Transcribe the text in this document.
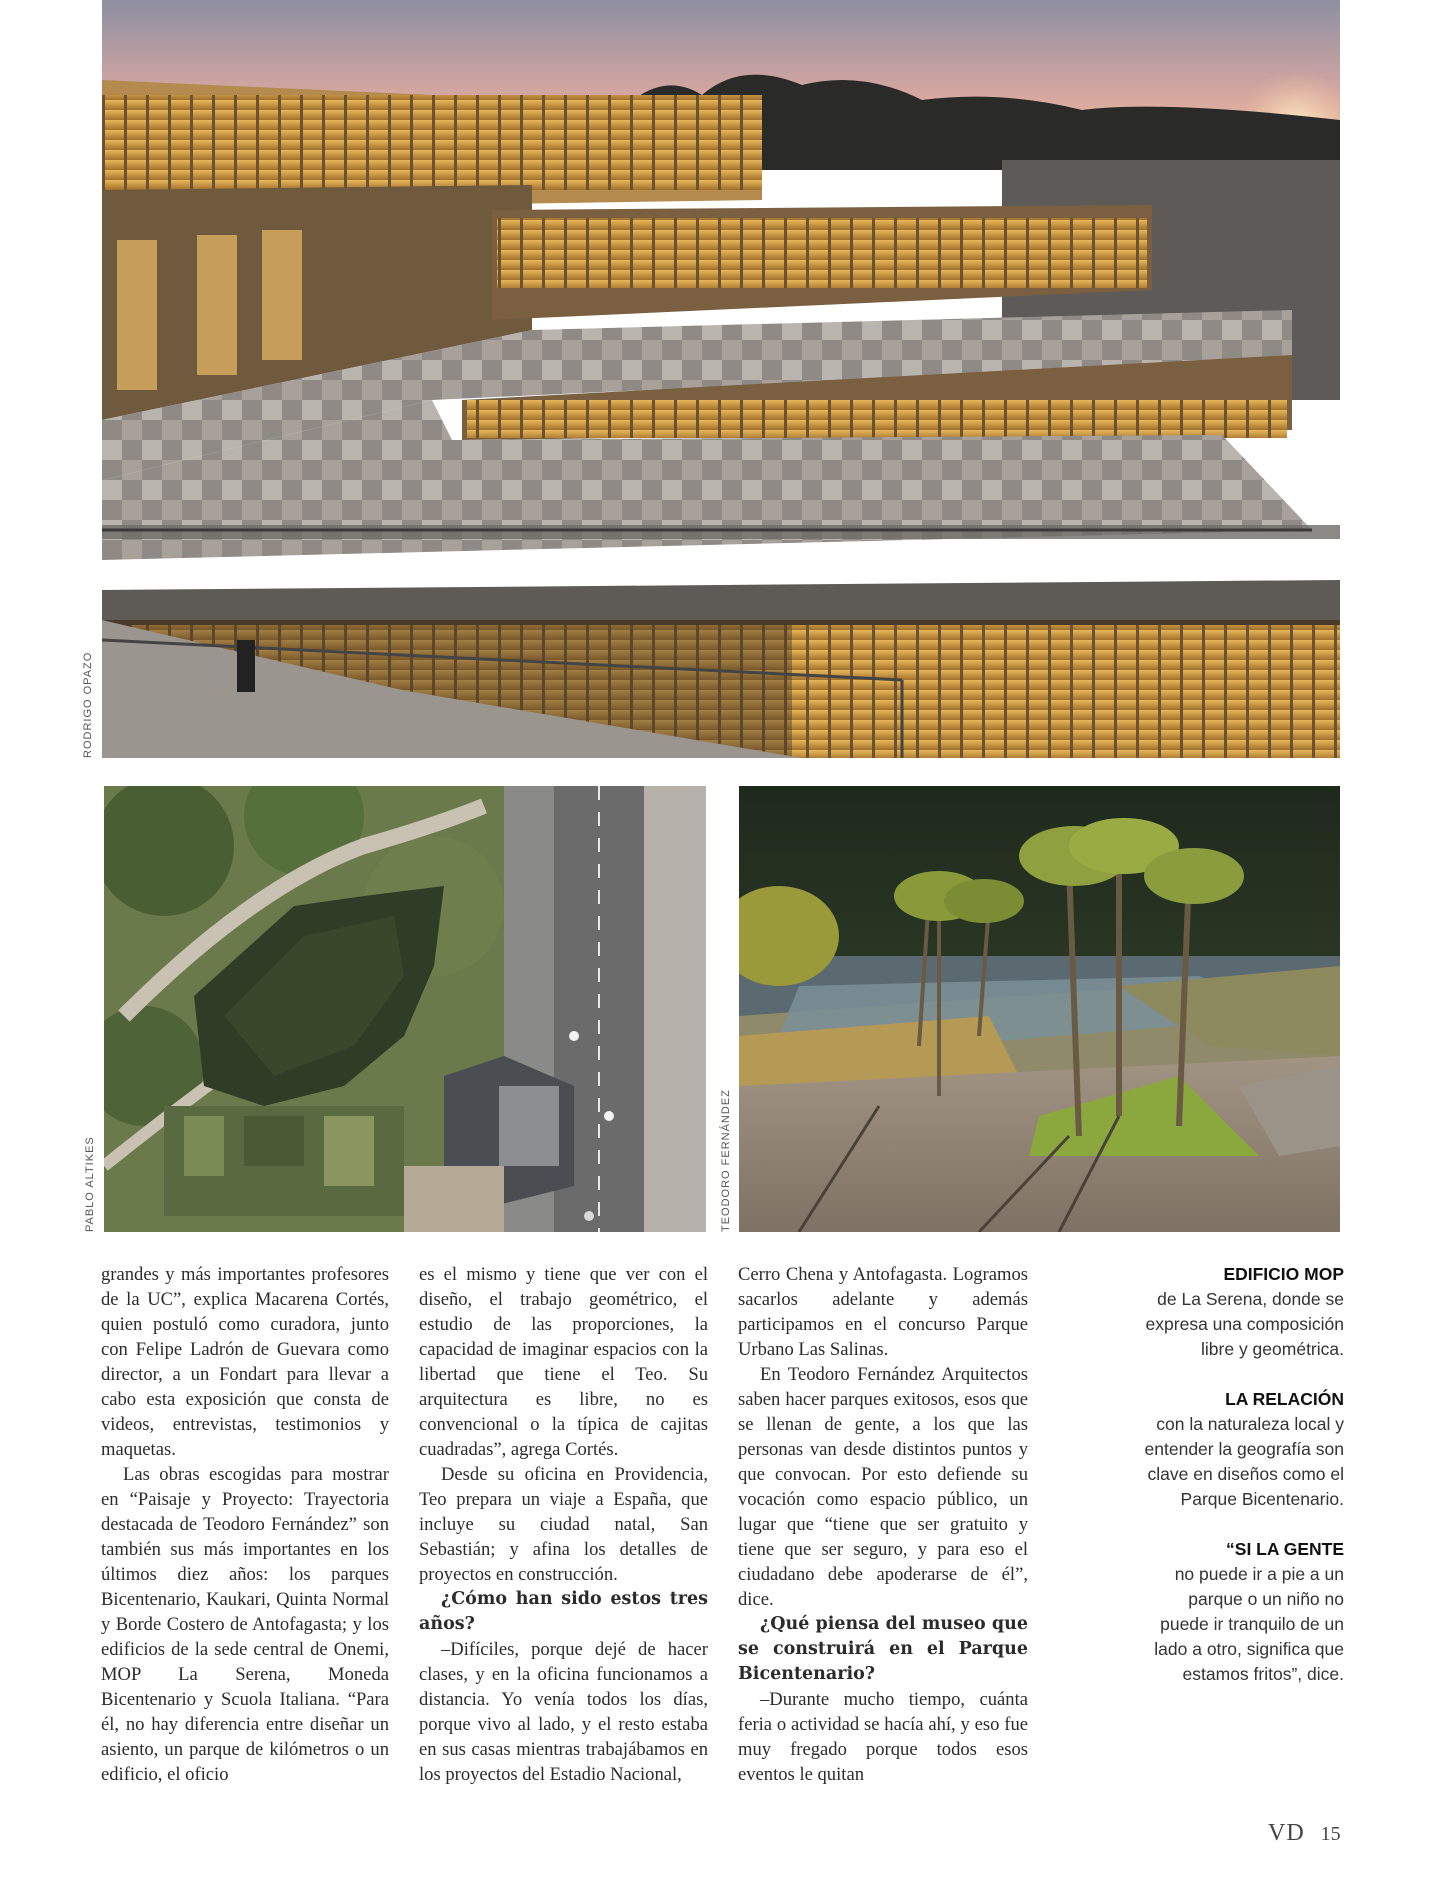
RODRIGO OPAZO
PABLO ALTIKES	TEODORO FERNÁNDEZ

grandes y más importantes profesores de la UC”, explica Macarena Cortés, quien postuló como curadora, junto con Felipe Ladrón de Guevara como director, a un Fondart para llevar a cabo esta exposición que consta de videos, entrevistas, testimonios y maquetas.

Las obras escogidas para mostrar en “Paisaje y Proyecto: Trayectoria destacada de Teodoro Fernández” son también sus más importantes en los últimos diez años: los parques Bicentenario, Kaukari, Quinta Normal y Borde Costero de Antofagasta; y los edificios de la sede central de Onemi, MOP La Serena, Moneda Bicentenario y Scuola Italiana. “Para él, no hay diferencia entre diseñar un asiento, un parque de kilómetros o un edificio, el oficio

es el mismo y tiene que ver con el diseño, el trabajo geométrico, el estudio de las proporciones, la capacidad de imaginar espacios con la libertad que tiene el Teo. Su arquitectura es libre, no es convencional o la típica de cajitas cuadradas”, agrega Cortés.

Desde su oficina en Providencia, Teo prepara un viaje a España, que incluye su ciudad natal, San Sebastián; y afina los detalles de proyectos en construcción.

¿Cómo han sido estos tres años?

–Difíciles, porque dejé de hacer clases, y en la oficina funcionamos a distancia. Yo venía todos los días, porque vivo al lado, y el resto estaba en sus casas mientras trabajábamos en los proyectos del Estadio Nacional,

Cerro Chena y Antofagasta. Logramos sacarlos adelante y además participamos en el concurso Parque Urbano Las Salinas.

En Teodoro Fernández Arquitectos saben hacer parques exitosos, esos que se llenan de gente, a los que las personas van desde distintos puntos y que convocan. Por esto defiende su vocación como espacio público, un lugar que “tiene que ser gratuito y tiene que ser seguro, y para eso el ciudadano debe apoderarse de él”, dice.

¿Qué piensa del museo que se construirá en el Parque Bicentenario?

–Durante mucho tiempo, cuánta feria o actividad se hacía ahí, y eso fue muy fregado porque todos esos eventos le quitan

EDIFICIO MOP
de La Serena, donde se expresa una composición libre y geométrica.
LA RELACIÓN
con la naturaleza local y entender la geografía son clave en diseños como el Parque Bicentenario.
“SI LA GENTE
no puede ir a pie a un parque o un niño no puede ir tranquilo de un lado a otro, significa que estamos fritos”, dice.
VD 15
